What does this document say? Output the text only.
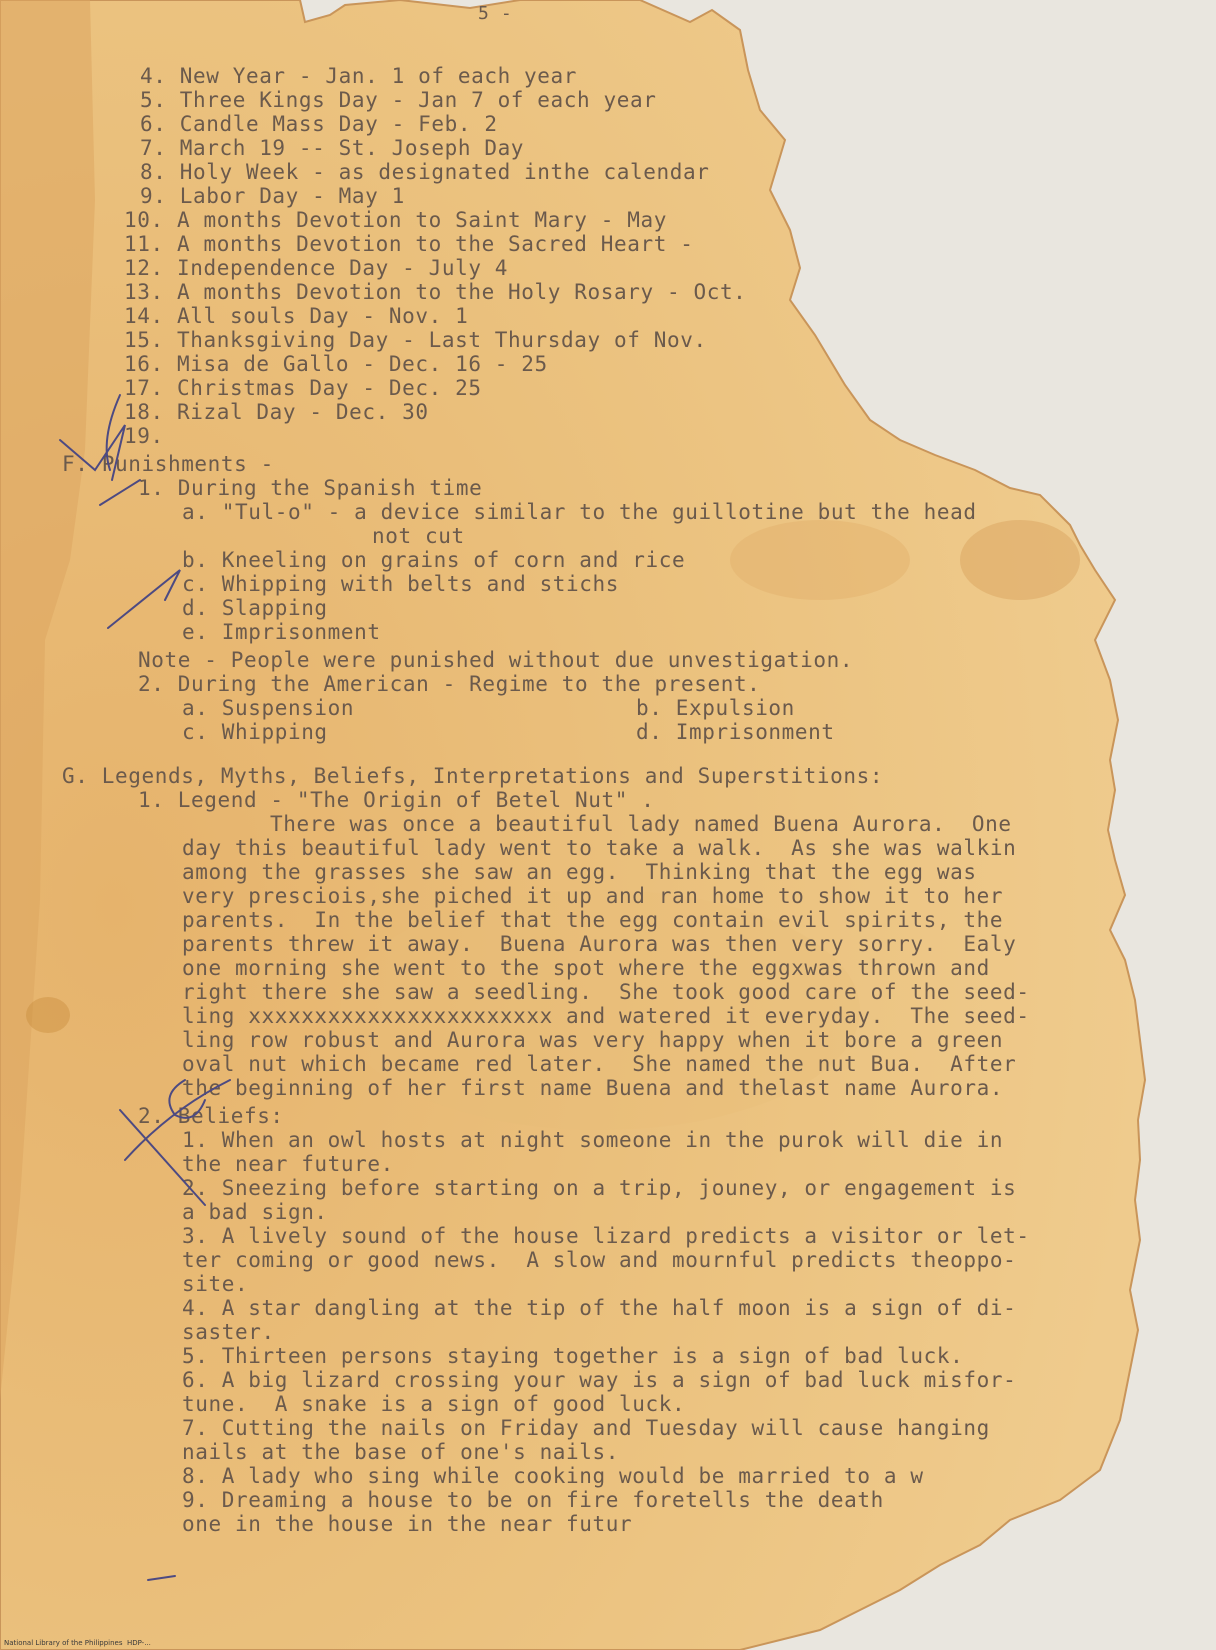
5 -
4. New Year - Jan. 1 of each year
5. Three Kings Day - Jan 7 of each year
6. Candle Mass Day - Feb. 2
7. March 19 -- St. Joseph Day
8. Holy Week - as designated inthe calendar
9. Labor Day - May 1
10. A months Devotion to Saint Mary - May
11. A months Devotion to the Sacred Heart -
12. Independence Day - July 4
13. A months Devotion to the Holy Rosary - Oct.
14. All souls Day - Nov. 1
15. Thanksgiving Day - Last Thursday of Nov.
16. Misa de Gallo - Dec. 16 - 25
17. Christmas Day - Dec. 25
18. Rizal Day - Dec. 30
19.
F. Punishments -
1. During the Spanish time
a. "Tul-o" - a device similar to the guillotine but the head
not cut
b. Kneeling on grains of corn and rice
c. Whipping with belts and stichs
d. Slapping
e. Imprisonment
Note - People were punished without due unvestigation.
2. During the American - Regime to the present.
a. Suspension	b. Expulsion
c. Whipping	d. Imprisonment
G. Legends, Myths, Beliefs, Interpretations and Superstitions:
1. Legend - "The Origin of Betel Nut" .
There was once a beautiful lady named Buena Aurora.  One
day this beautiful lady went to take a walk.  As she was walkin
among the grasses she saw an egg.  Thinking that the egg was
very presciois,she piched it up and ran home to show it to her
parents.  In the belief that the egg contain evil spirits, the
parents threw it away.  Buena Aurora was then very sorry.  Ealy
one morning she went to the spot where the eggxwas thrown and
right there she saw a seedling.  She took good care of the seed-
ling xxxxxxxxxxxxxxxxxxxxxxx and watered it everyday.  The seed-
ling row robust and Aurora was very happy when it bore a green
oval nut which became red later.  She named the nut Bua.  After
the beginning of her first name Buena and thelast name Aurora.
2. Beliefs:
1. When an owl hosts at night someone in the purok will die in
the near future.
2. Sneezing before starting on a trip, jouney, or engagement is
a bad sign.
3. A lively sound of the house lizard predicts a visitor or let-
ter coming or good news.  A slow and mournful predicts theoppo-
site.
4. A star dangling at the tip of the half moon is a sign of di-
saster.
5. Thirteen persons staying together is a sign of bad luck.
6. A big lizard crossing your way is a sign of bad luck misfor-
tune.  A snake is a sign of good luck.
7. Cutting the nails on Friday and Tuesday will cause hanging
nails at the base of one's nails.
8. A lady who sing while cooking would be married to a w
9. Dreaming a house to be on fire foretells the death
one in the house in the near futur
National Library of the Philippines  HDP-...
